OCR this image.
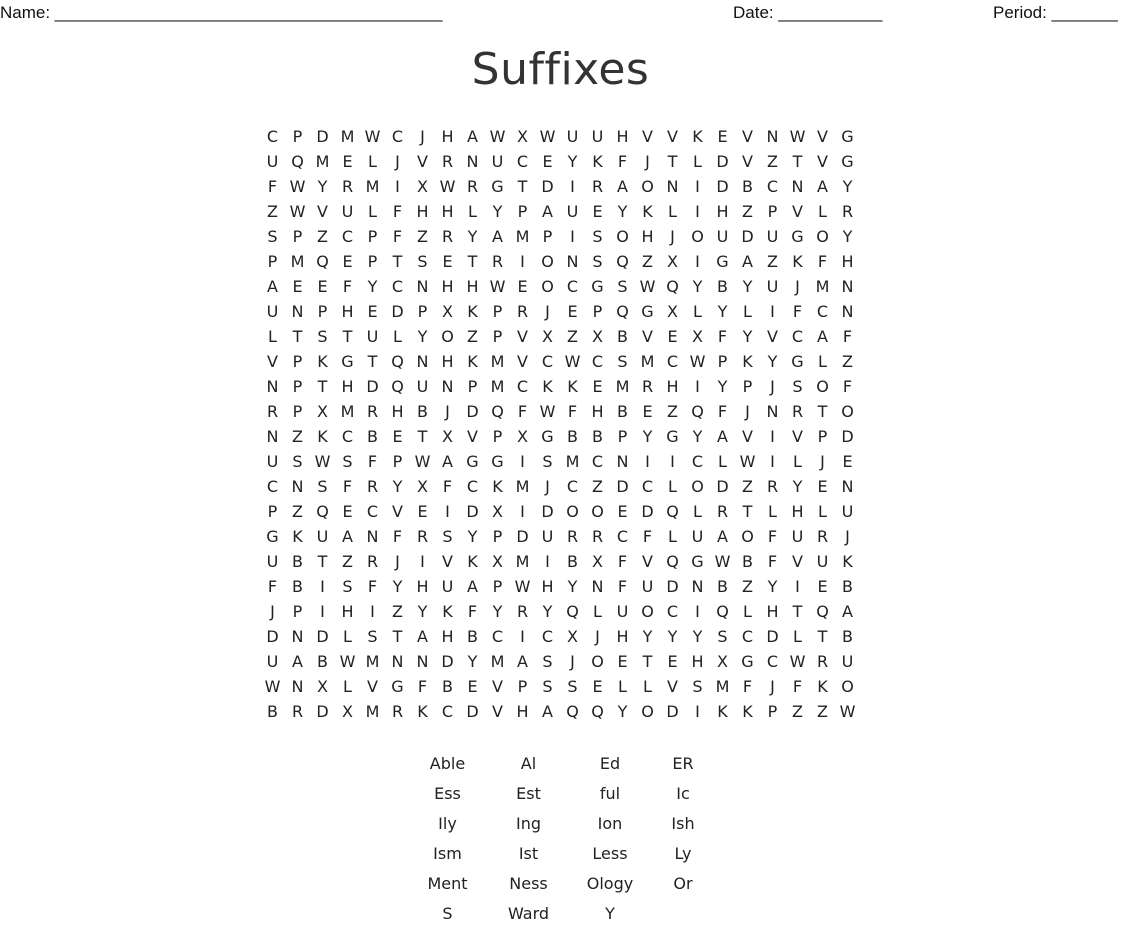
Name: _________________________________________	Date: ___________	Period: _______
Suffixes
C P D M W C	J	H A W X W U U H V V K E V N W V G
U Q M E L	J	V R N U C E Y K F	J	T L D V Z T V G
F W Y R M I	X W R G T D	I	R A O N	I	D B C N A Y
Z W V U L F H H L Y P A U E Y K L	I	H Z P V L R
S P Z C P F Z R Y A M P	I	S O H	J	O U D U G O Y
P M Q E P T S E T R	I	O N S Q Z X	I	G A Z K F H
A E E F Y C N H H W E O C G S W Q Y B Y U	J M N
U N P H E D P X K P R	J	E P Q G X L Y L	I	F C N
L T S T U L Y O Z P V X Z X B V E X F Y V C A F
V P K G T Q N H K M V C W C S M C W P K Y G L Z
N P T H D Q U N P M C K K E M R H	I	Y P	J	S O F
R P X M R H B	J	D Q F W F H B E Z Q F	J	N R T O
N Z K C B E T X V P X G B B P Y G Y A V	I	V P D
U S W S F P W A G G	I	S M C N	I	I	C L W I	L	J	E
C N S F R Y X F C K M J	C Z D C L O D Z R Y E N
P Z Q E C V E	I	D X	I	D O O E D Q L R T L H L U
G K U A N F R S Y P D U R R C F L U A O F U R	J
U B T Z R	J	I	V K X M I	B X F V Q G W B F V U K
F B	I	S F Y H U A P W H Y N F U D N B Z Y	I	E B
J	P	I	H	I	Z Y K F Y R Y Q L U O C	I	Q L H T Q A
D N D L S T A H B C	I	C X	J	H Y Y Y S C D L T B
U A B W M N N D Y M A S	J	O E T E H X G C W R U
W N X L V G F B E V P S S E L	L V S M F	J	F K O
B R D X M R K C D V H A Q Q Y O D	I	K K P Z Z W
Able	Al	Ed	ER
Ess	Est	ful	Ic
Ily	Ing	Ion	Ish
Ism	Ist	Less	Ly
Ment	Ness	Ology	Or
S	Ward	Y
